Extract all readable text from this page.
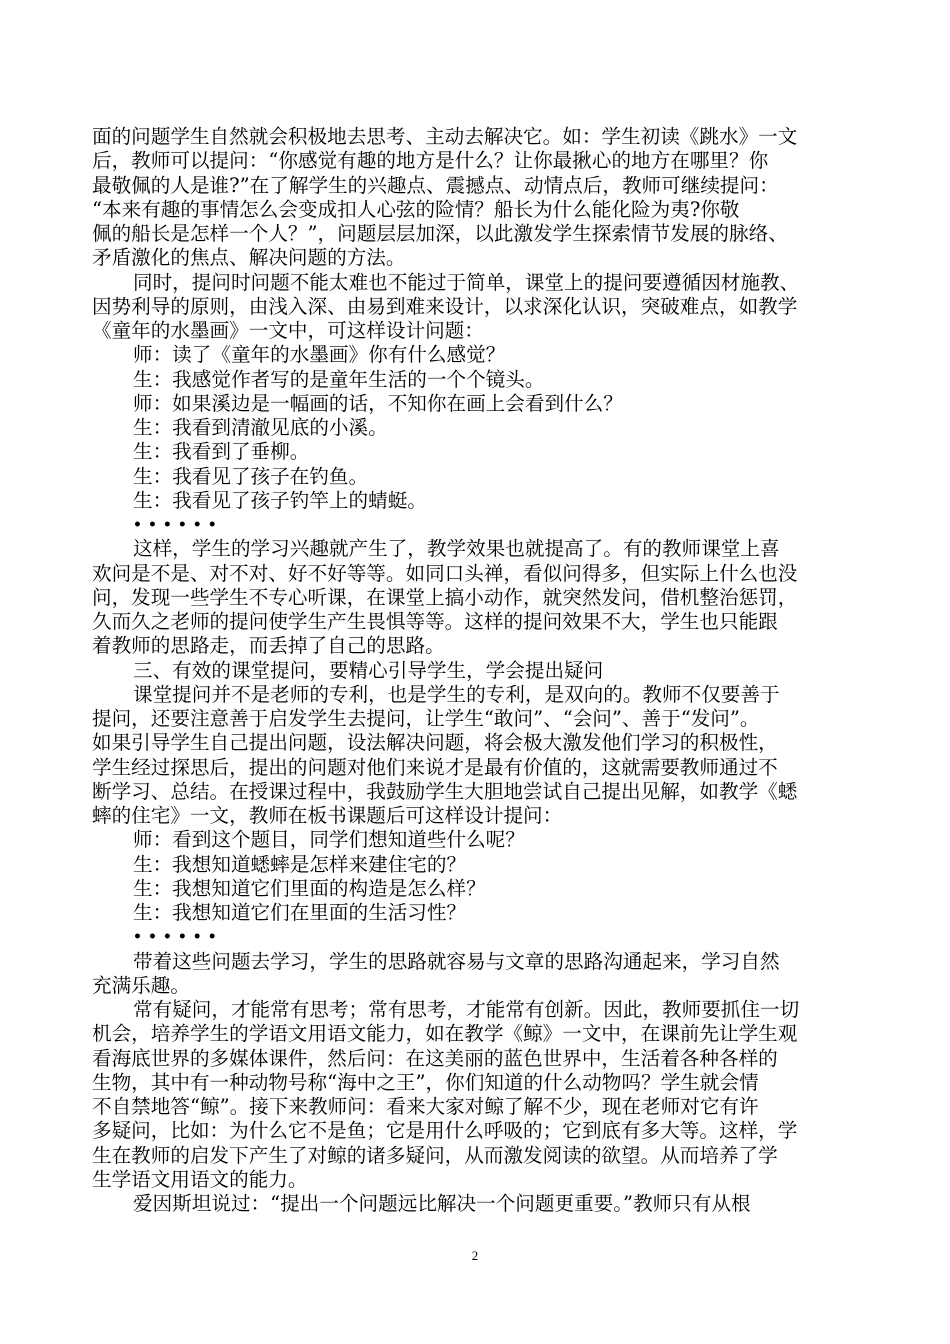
面的问题学生自然就会积极地去思考、主动去解决它。如：学生初读《跳水》一文
后，教师可以提问：“你感觉有趣的地方是什么？让你最揪心的地方在哪里？你
最敬佩的人是谁?”在了解学生的兴趣点、震撼点、动情点后，教师可继续提问：
“本来有趣的事情怎么会变成扣人心弦的险情？船长为什么能化险为夷?你敬
佩的船长是怎样一个人？”，问题层层加深，以此激发学生探索情节发展的脉络、
矛盾激化的焦点、解决问题的方法。
同时，提问时问题不能太难也不能过于简单，课堂上的提问要遵循因材施教、
因势利导的原则，由浅入深、由易到难来设计，以求深化认识，突破难点，如教学
《童年的水墨画》一文中，可这样设计问题：
师：读了《童年的水墨画》你有什么感觉？
生：我感觉作者写的是童年生活的一个个镜头。
师：如果溪边是一幅画的话，不知你在画上会看到什么？
生：我看到清澈见底的小溪。
生：我看到了垂柳。
生：我看见了孩子在钓鱼。
生：我看见了孩子钓竿上的蜻蜓。
••••••
这样，学生的学习兴趣就产生了，教学效果也就提高了。有的教师课堂上喜
欢问是不是、对不对、好不好等等。如同口头禅，看似问得多，但实际上什么也没
问，发现一些学生不专心听课，在课堂上搞小动作，就突然发问，借机整治惩罚，
久而久之老师的提问使学生产生畏惧等等。这样的提问效果不大，学生也只能跟
着教师的思路走，而丢掉了自己的思路。
三、有效的课堂提问，要精心引导学生，学会提出疑问
课堂提问并不是老师的专利，也是学生的专利，是双向的。教师不仅要善于
提问，还要注意善于启发学生去提问，让学生“敢问”、“会问”、善于“发问”。
如果引导学生自己提出问题，设法解决问题，将会极大激发他们学习的积极性，
学生经过探思后，提出的问题对他们来说才是最有价值的，这就需要教师通过不
断学习、总结。在授课过程中，我鼓励学生大胆地尝试自己提出见解，如教学《蟋
蟀的住宅》一文，教师在板书课题后可这样设计提问：
师：看到这个题目，同学们想知道些什么呢？
生：我想知道蟋蟀是怎样来建住宅的？
生：我想知道它们里面的构造是怎么样？
生：我想知道它们在里面的生活习性？
••••••
带着这些问题去学习，学生的思路就容易与文章的思路沟通起来，学习自然
充满乐趣。
常有疑问，才能常有思考；常有思考，才能常有创新。因此，教师要抓住一切
机会，培养学生的学语文用语文能力，如在教学《鲸》一文中，在课前先让学生观
看海底世界的多媒体课件，然后问：在这美丽的蓝色世界中，生活着各种各样的
生物，其中有一种动物号称“海中之王”，你们知道的什么动物吗？学生就会情
不自禁地答“鲸”。接下来教师问：看来大家对鲸了解不少，现在老师对它有许
多疑问，比如：为什么它不是鱼；它是用什么呼吸的；它到底有多大等。这样，学
生在教师的启发下产生了对鲸的诸多疑问，从而激发阅读的欲望。从而培养了学
生学语文用语文的能力。
爱因斯坦说过：“提出一个问题远比解决一个问题更重要。”教师只有从根
2
